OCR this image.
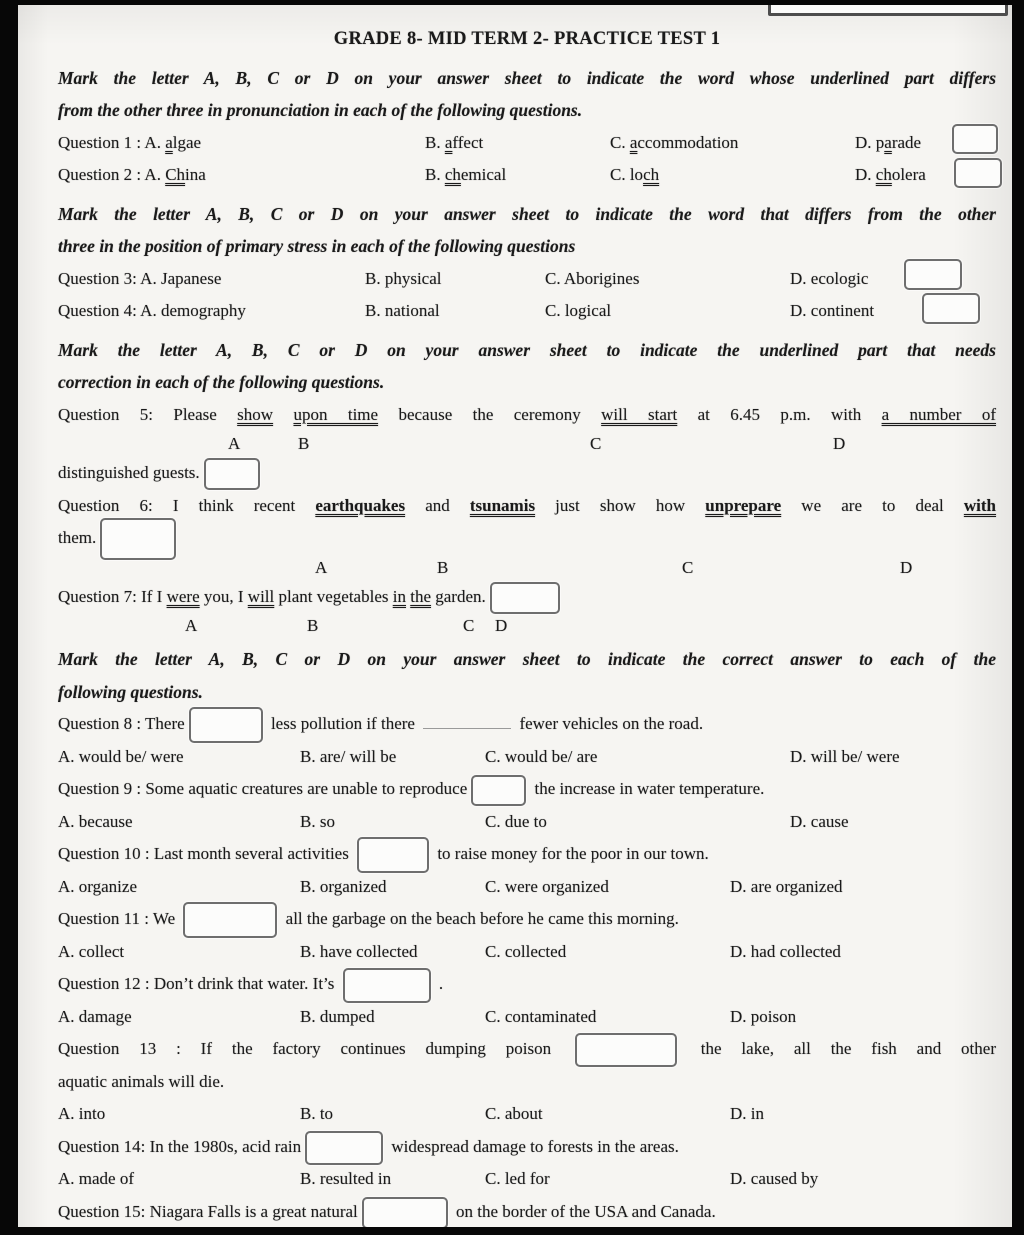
GRADE 8- MID TERM 2- PRACTICE TEST 1
Mark the letter A, B, C or D on your answer sheet to indicate the word whose underlined part differs
from the other three in pronunciation in each of the following questions.
Question 1 : A. algae	B. affect	C. accommodation	D. parade
Question 2 : A. China	B. chemical	C. loch	D. cholera
Mark the letter A, B, C or D on your answer sheet to indicate the word that differs from the other
three in the position of primary stress in each of the following questions
Question 3: A. Japanese	B. physical	C. Aborigines	D. ecologic
Question 4: A. demography	B. national	C. logical	D. continent
Mark the letter A, B, C or D on your answer sheet to indicate the underlined part that needs
correction in each of the following questions.
Question 5: Please show upon time because the ceremony will start at 6.45 p.m. with a number of
A	B	C	D
distinguished guests.
Question 6: I think recent earthquakes and tsunamis just show how unprepare we are to deal with
them.
A	B	C	D
Question 7: If I were you, I will plant vegetables in the garden.
A	B	C D
Mark the letter A, B, C or D on your answer sheet to indicate the correct answer to each of the
following questions.
Question 8 : There	less pollution if there	fewer vehicles on the road.
A. would be/ were	B. are/ will be	C. would be/ are	D. will be/ were
Question 9 : Some aquatic creatures are unable to reproduce	the increase in water temperature.
A. because	B. so	C. due to	D. cause
Question 10 : Last month several activities	to raise money for the poor in our town.
A. organize	B. organized	C. were organized	D. are organized
Question 11 : We	all the garbage on the beach before he came this morning.
A. collect	B. have collected	C. collected	D. had collected
Question 12 : Don’t drink that water. It’s	.
A. damage	B. dumped	C. contaminated	D. poison
Question 13 : If the factory continues dumping poison	the lake, all the fish and other
aquatic animals will die.
A. into	B. to	C. about	D. in
Question 14: In the 1980s, acid rain	widespread damage to forests in the areas.
A. made of	B. resulted in	C. led for	D. caused by
Question 15: Niagara Falls is a great natural	on the border of the USA and Canada.
